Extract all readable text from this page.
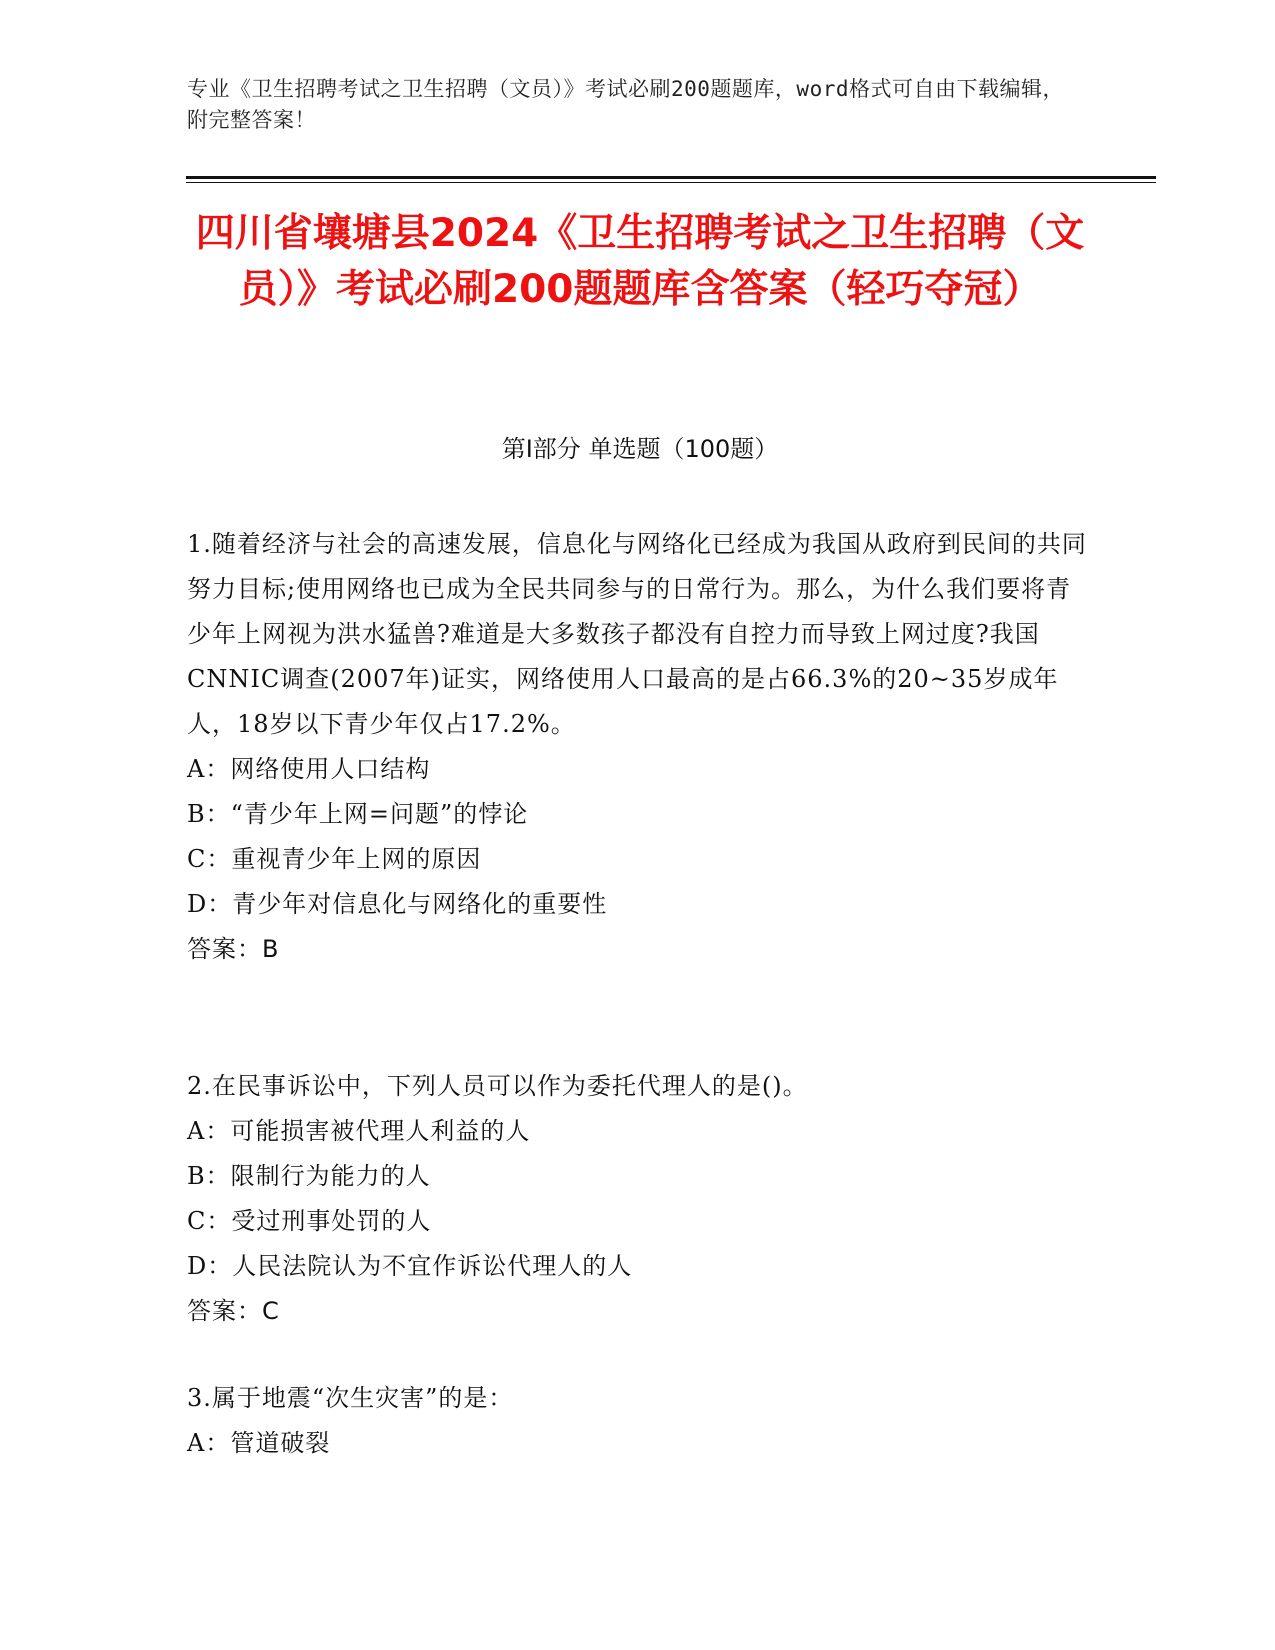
专业《卫生招聘考试之卫生招聘（文员）》考试必刷200题题库，word格式可自由下载编辑，附完整答案！
四川省壤塘县2024《卫生招聘考试之卫生招聘（文员）》考试必刷200题题库含答案（轻巧夺冠）
第Ⅰ部分 单选题（100题）

1.随着经济与社会的高速发展，信息化与网络化已经成为我国从政府到民间的共同努力目标;使用网络也已成为全民共同参与的日常行为。那么，为什么我们要将青少年上网视为洪水猛兽?难道是大多数孩子都没有自控力而导致上网过度?我国CNNIC调查(2007年)证实，网络使用人口最高的是占66.3%的20~35岁成年人，18岁以下青少年仅占17.2%。

A：网络使用人口结构

B：“青少年上网=问题”的悖论

C：重视青少年上网的原因

D：青少年对信息化与网络化的重要性

答案：B

2.在民事诉讼中，下列人员可以作为委托代理人的是()。

A：可能损害被代理人利益的人

B：限制行为能力的人

C：受过刑事处罚的人

D：人民法院认为不宜作诉讼代理人的人

答案：C

3.属于地震“次生灾害”的是：

A：管道破裂
